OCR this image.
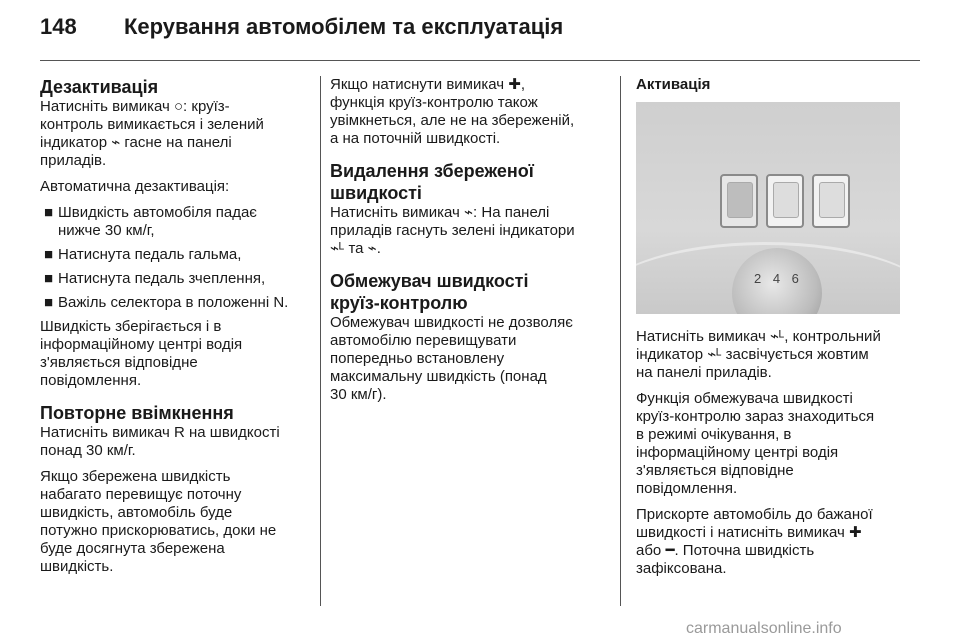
148 Керування автомобілем та експлуатація
Дезактивація

Натисніть вимикач ○: круїз-
контроль вимикається і зелений
індикатор ⌁ гасне на панелі
приладів.

Автоматична дезактивація:

■ Швидкість автомобіля падає
нижче 30 км/г,
■ Натиснута педаль гальма,
■ Натиснута педаль зчеплення,
■ Важіль селектора в положенні N.

Швидкість зберігається і в
інформаційному центрі водія
з'являється відповідне
повідомлення.

Повторне ввімкнення

Натисніть вимикач R на швидкості
понад 30 км/г.

Якщо збережена швидкість
набагато перевищує поточну
швидкість, автомобіль буде
потужно прискорюватись, доки не
буде досягнута збережена
швидкість.

Якщо натиснути вимикач ✚,
функція круїз-контролю також
увімкнеться, але не на збереженій,
а на поточній швидкості.

Видалення збереженої
швидкості

Натисніть вимикач ⌁: На панелі
приладів гаснуть зелені індикатори
⌁ᴸ та ⌁.

Обмежувач швидкості
круїз-контролю

Обмежувач швидкості не дозволяє
автомобілю перевищувати
попередньо встановлену
максимальну швидкість (понад
30 км/г).

Активація
2 4 6

Натисніть вимикач ⌁ᴸ, контрольний
індикатор ⌁ᴸ засвічується жовтим
на панелі приладів.

Функція обмежувача швидкості
круїз-контролю зараз знаходиться
в режимі очікування, в
інформаційному центрі водія
з'являється відповідне
повідомлення.

Прискорте автомобіль до бажаної
швидкості і натисніть вимикач ✚
або ━. Поточна швидкість
зафіксована.

carmanualsonline.info
